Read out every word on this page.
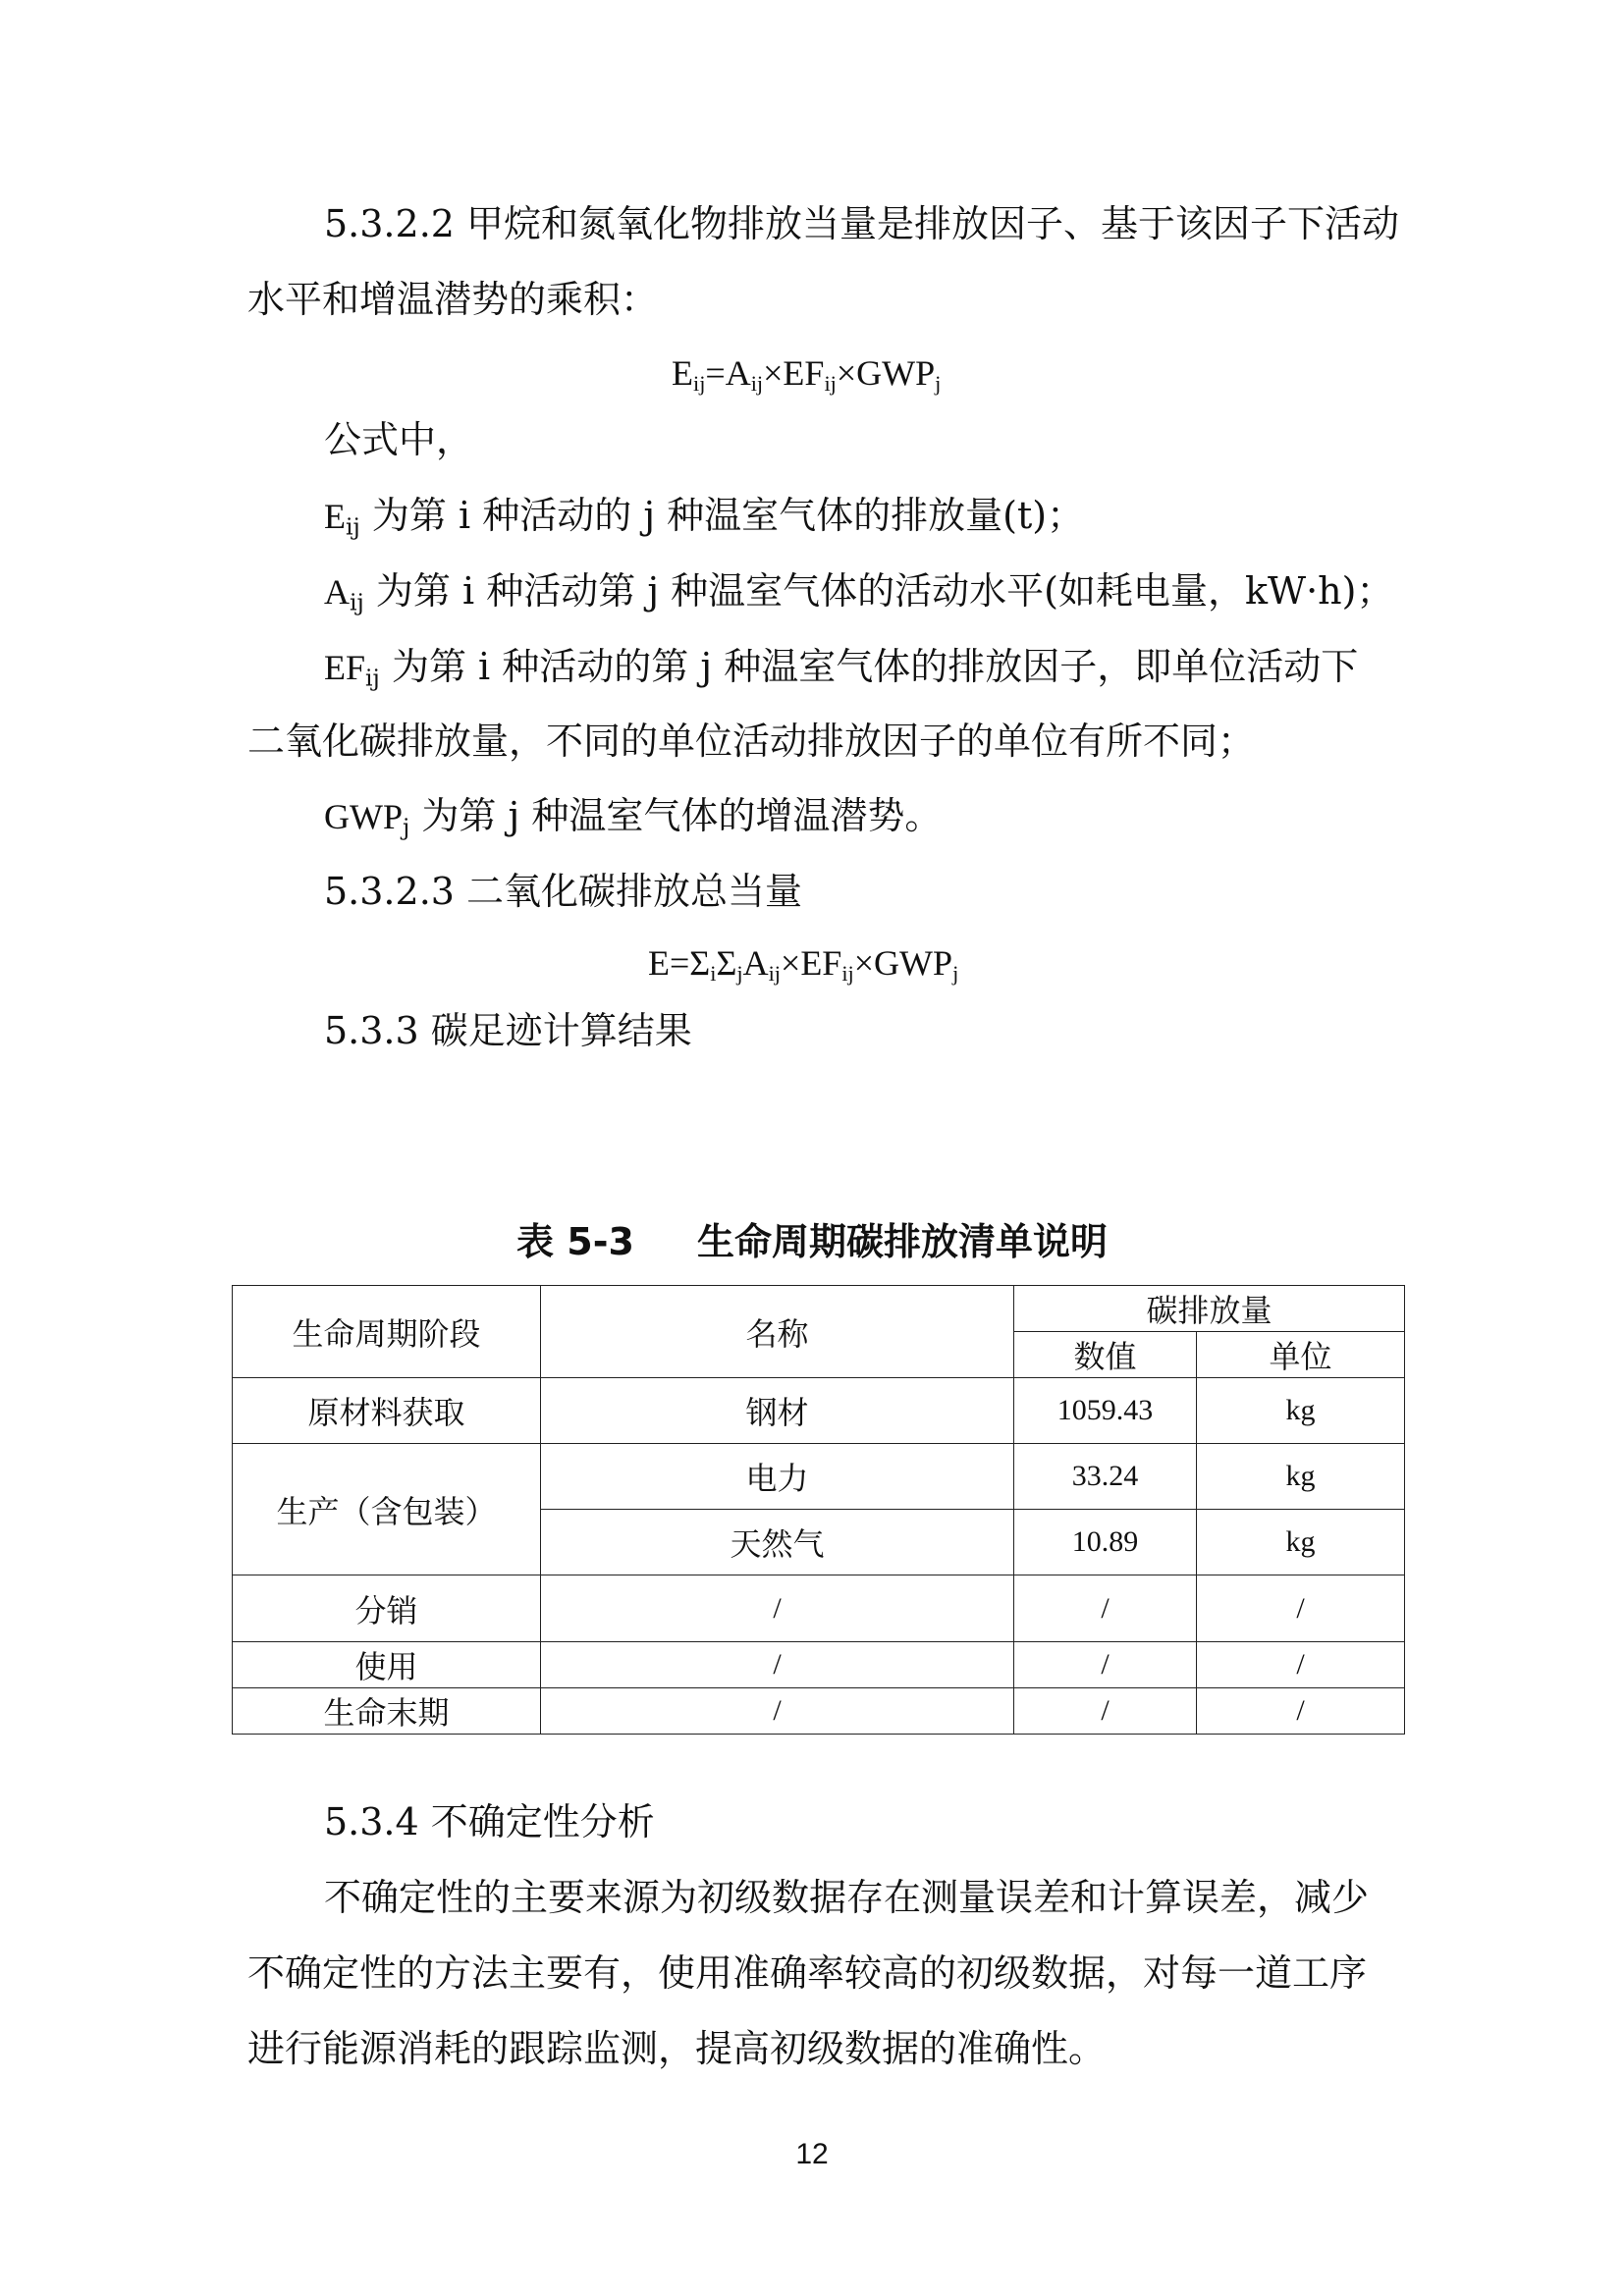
5.3.2.2 甲烷和氮氧化物排放当量是排放因子、基于该因子下活动
水平和增温潜势的乘积：
$E_{ij}=A_{ij}\times EF_{ij}\times GWP_j$
公式中，
$E_{ij}$ 为第 i 种活动的 j 种温室气体的排放量(t)；
$A_{ij}$ 为第 i 种活动第 j 种温室气体的活动水平(如耗电量，kW·h)；
$EF_{ij}$ 为第 i 种活动的第 j 种温室气体的排放因子，即单位活动下
二氧化碳排放量，不同的单位活动排放因子的单位有所不同；
$GWP_j$ 为第 j 种温室气体的增温潜势。
5.3.2.3 二氧化碳排放总当量
$E=\Sigma_i\Sigma_jA_{ij}\times EF_{ij}\times GWP_j$
5.3.3 碳足迹计算结果
表 5-3 生命周期碳排放清单说明
生命周期阶段	名称	碳排放量	
		数值	单位
原材料获取	钢材	1059.43	kg
生产（含包装）	电力	33.24	kg
	天然气	10.89	kg
分销	/	/	/
使用	/	/	/
生命末期	/	/	/
5.3.4 不确定性分析
不确定性的主要来源为初级数据存在测量误差和计算误差，减少
不确定性的方法主要有，使用准确率较高的初级数据，对每一道工序
进行能源消耗的跟踪监测，提高初级数据的准确性。
12
